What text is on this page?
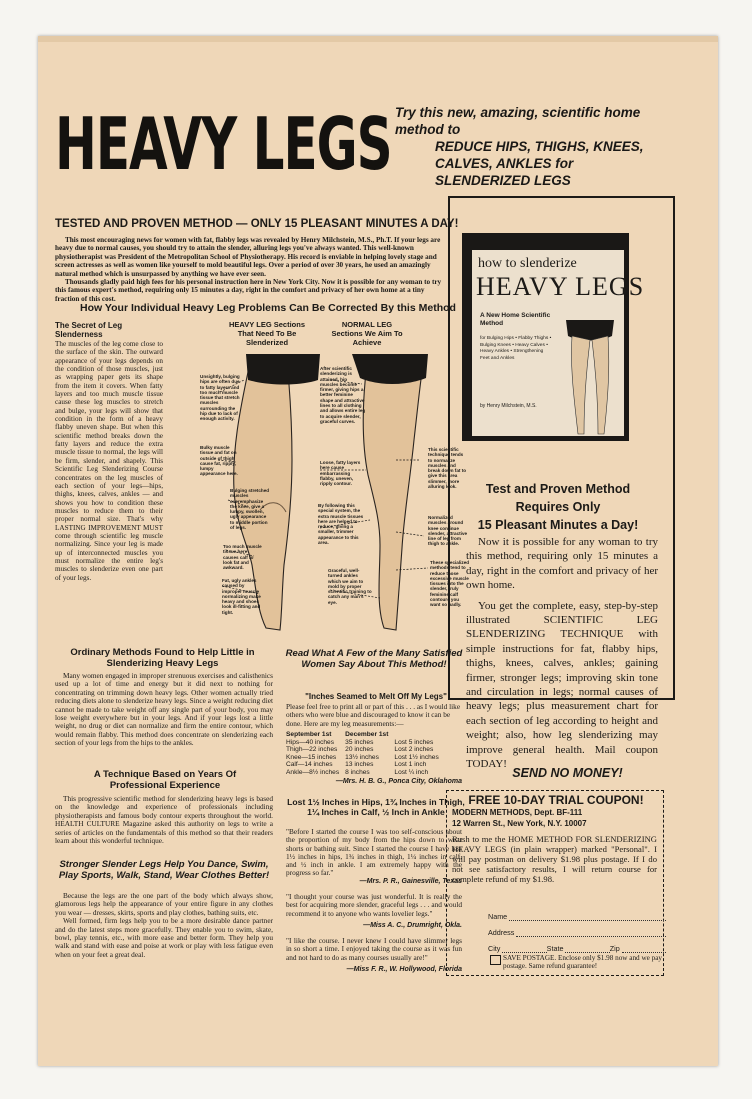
HEAVY LEGS Try this new, amazing, scientific home method to
REDUCE HIPS, THIGHS, KNEES, CALVES, ANKLES for SLENDERIZED LEGS
TESTED AND PROVEN METHOD — ONLY 15 PLEASANT MINUTES A DAY!

This most encouraging news for women with fat, flabby legs was revealed by Henry Milchstein, M.S., Ph.T. If your legs are heavy due to normal causes, you should try to attain the slender, alluring legs you've always wanted. This well-known physiotherapist was President of the Metropolitan School of Physiotherapy. His record is enviable in helping lovely stage and screen actresses as well as women like yourself to mold beautiful legs. Over a period of over 30 years, he used an amazingly natural method which is unsurpassed by anything we have ever seen.

Thousands gladly paid high fees for his personal instruction here in New York City. Now it is possible for any woman to try this famous expert's method, requiring only 15 minutes a day, right in the comfort and privacy of her own home at a tiny fraction of this cost.

How Your Individual Heavy Leg Problems Can Be Corrected By this Method
The Secret of Leg Slenderness
The muscles of the leg come close to the surface of the skin. The outward appearance of your legs depends on the condition of those muscles, just as wrapping paper gets its shape from the item it covers. When fatty layers and too much muscle tissue cause these leg muscles to stretch and bulge, your legs will show that condition in the form of a heavy flabby uneven shape. But when this scientific method breaks down the fatty layers and reduce the extra muscle tissue to normal, the legs will be firm, slender, and shapely. This Scientific Leg Slenderizing Course concentrates on the leg muscles of each section of your legs—hips, thighs, knees, calves, ankles — and shows you how to condition these muscles to reduce them to their proper normal size. That's why LASTING IMPROVEMENT MUST come through scientific leg muscle normalizing. Since your leg is made up of interconnected muscles you must normalize the entire leg's muscles to slenderize even one part of your legs.
HEAVY LEG Sections That Need To Be Slenderized
NORMAL LEG Sections We Aim To Achieve
Unsightly, bulging hips are often due to fatty layers and too much muscle tissue that stretch muscles surrounding the hip due to lack of enough activity.
After scientific slenderizing is attained, hip muscles become firmer, giving hips a better feminine shape and attractive lines to all clothing and allows entire leg to acquire slender, graceful curves.
Bulky muscle tissue and fat on outside of thigh cause fat, ripply, lumpy appearance here.
Bulging stretched muscles overemphasize the knee, give a lumpy, swollen, ugly appearance to middle portion of legs.
Loose, fatty layers here cause embarrassing flabby, uneven, ripply contour.
This scientific technique tends to normalize muscles and break down fat to give this area slimmer, more alluring look.
By following this special system, the extra muscle tissues here are helped to reduce, giving a smaller, trimmer appearance to this area.
Too much muscle tissue here causes calf to look fat and awkward.
Normalized muscles around knee continue slender, attractive line of leg from thigh to ankle.
Fat, ugly ankles caused by improper muscle normalizing make heavy and shoes look ill-fitting and tight.
Graceful, well-turned ankles which we aim to mold by proper scientific training to catch any man's eye.
These specialized methods tend to reduce those excessive muscle tissues into the slender, truly feminine calf contours you want so badly.
Ordinary Methods Found to Help Little in Slenderizing Heavy Legs
Many women engaged in improper strenuous exercises and calisthenics used up a lot of time and energy but it did next to nothing for concentrating on trimming down heavy legs. Other women actually tried reducing diets alone to slenderize heavy legs. Since a weight reducing diet cannot be made to take weight off any single part of your body, you may lose weight everywhere but in your legs. And if your legs lost a little weight, no drug or diet can normalize and firm the entire contour, which would remain flabby. This method does concentrate on slenderizing each section of your legs from the hips to the ankles.
A Technique Based on Years Of Professional Experience
This progressive scientific method for slenderizing heavy legs is based on the knowledge and experience of professionals including physiotherapists and famous body contour experts throughout the world. HEALTH CULTURE Magazine asked this authority on legs to write a series of articles on the fundamentals of this method so that their readers learn about this wonderful technique.
Stronger Slender Legs Help You Dance, Swim, Play Sports, Walk, Stand, Wear Clothes Better!

Because the legs are the one part of the body which always show, glamorous legs help the appearance of your entire figure in any clothes you wear — dresses, skirts, sports and play clothes, bathing suits, etc.

Well formed, firm legs help you to be a more desirable dance partner and do the latest steps more gracefully. They enable you to swim, skate, bowl, play tennis, etc., with more ease and better form. They help you walk and stand with ease and poise at work or play with less fatigue even when on your feet a great deal.

Read What A Few of the Many Satisfied Women Say About This Method!
"Inches Seamed to Melt Off My Legs"
Please feel free to print all or part of this . . . as I would like others who were blue and discouraged to know it can be done. Here are my leg measurements:—
September 1st	December 1st	
Hips—40 inches	35 inches	Lost 5 inches
Thigh—22 inches	20 inches	Lost 2 inches
Knee—15 inches	13½ inches	Lost 1½ inches
Calf—14 inches	13 inches	Lost 1 inch
Ankle—8½ inches	8 inches	Lost ¼ inch
—Mrs. H. B. G., Ponca City, Oklahoma
Lost 1½ Inches in Hips, 1¾ Inches in Thigh, 1¼ Inches in Calf, ½ Inch in Ankle
"Before I started the course I was too self-conscious about the proportion of my body from the hips down to wear shorts or bathing suit. Since I started the course I have lost 1½ inches in hips, 1¾ inches in thigh, 1¼ inches in calf, and ½ inch in ankle. I am extremely happy with the progress so far."
—Mrs. P. R., Gainesville, Texas
"I thought your course was just wonderful. It is really the best for acquiring more slender, graceful legs . . . and would recommend it to anyone who wants lovelier legs."
—Miss A. C., Drumright, Okla.
"I like the course. I never knew I could have slimmer legs in so short a time. I enjoyed taking the course as it was fun and not hard to do as many courses usually are!"
—Miss F. R., W. Hollywood, Florida
how to slenderize
HEAVY LEGS
A New Home Scientific Method
for Bulging Hips • Flabby Thighs • Bulging Knees • Heavy Calves • Heavy Ankles • Strengthening Feet and Ankles
by Henry Milchstein, M.S.
Test and Proven Method
Requires Only
15 Pleasant Minutes a Day!

Now it is possible for any woman to try this method, requiring only 15 minutes a day, right in the comfort and privacy of her own home.

You get the complete, easy, step-by-step illustrated SCIENTIFIC LEG SLENDERIZING TECHNIQUE with simple instructions for fat, flabby hips, thighs, knees, calves, ankles; gaining firmer, stronger legs; improving skin tone and circulation in legs; normal causes of heavy legs; plus measurement chart for each section of leg according to height and weight; also, how leg slenderizing may improve general health. Mail coupon TODAY!

SEND NO MONEY!
FREE 10-DAY TRIAL COUPON!
MODERN METHODS, Dept. BF-111
12 Warren St., New York, N.Y. 10007
Rush to me the HOME METHOD FOR SLENDERIZING HEAVY LEGS (in plain wrapper) marked "Personal". I will pay postman on delivery $1.98 plus postage. If I do not see satisfactory results, I will return course for complete refund of my $1.98.
Name
Address
City	State	Zip
SAVE POSTAGE. Enclose only $1.98 now and we pay postage. Same refund guarantee!
